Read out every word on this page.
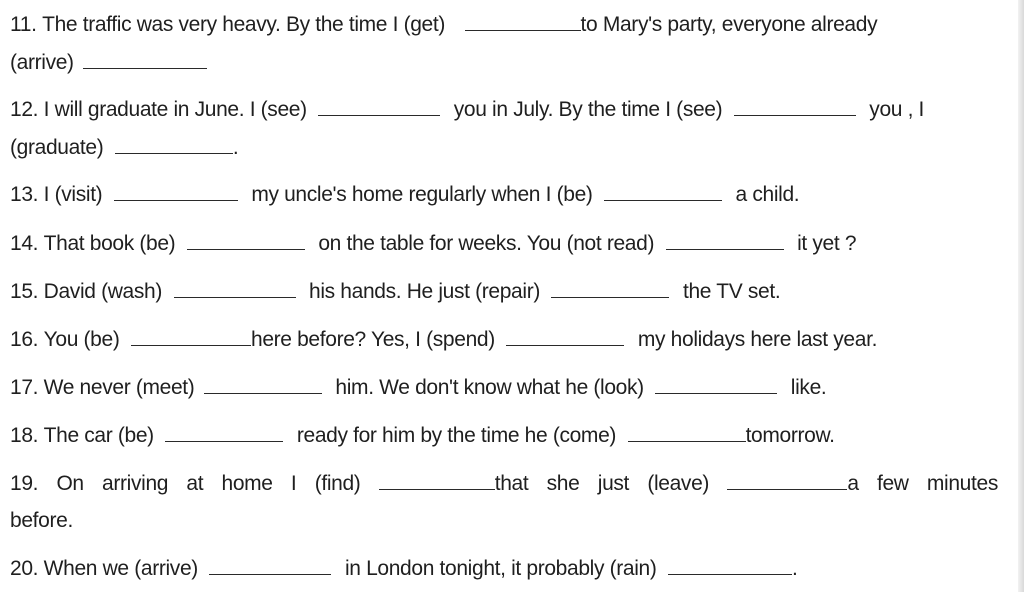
11. The traffic was very heavy. By the time I (get)	to Mary's party, everyone already
(arrive)
12. I will graduate in June. I (see)	you in July. By the time I (see)	you , I
(graduate)	.
13. I (visit)	my uncle's home regularly when I (be)	a child.
14. That book (be)	on the table for weeks. You (not read)	it yet ?
15. David (wash)	his hands. He just (repair)	the TV set.
16. You (be)	here before? Yes, I (spend)	my holidays here last year.
17. We never (meet)	him. We don't know what he (look)	like.
18. The car (be)	ready for him by the time he (come)	tomorrow.
19. On arriving at home I (find)	that she just (leave)	a few minutes
before.
20. When we (arrive)	in London tonight, it probably (rain)	.
